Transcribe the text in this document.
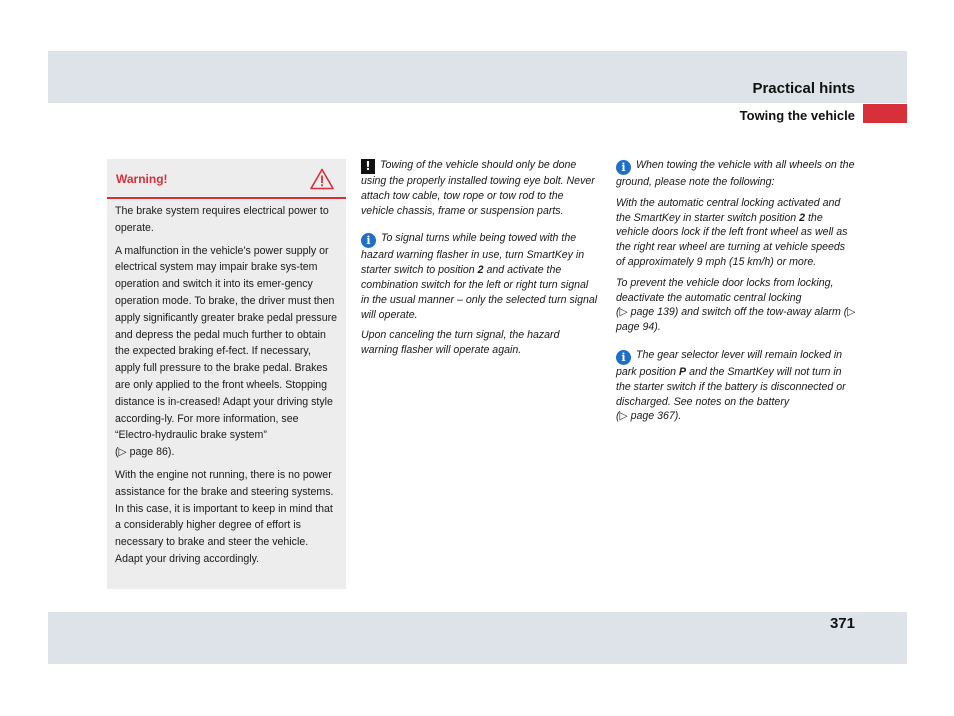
Practical hints
Towing the vehicle
Warning!

The brake system requires electrical power to operate.

A malfunction in the vehicle’s power supply or electrical system may impair brake sys-tem operation and switch it into its emer-gency operation mode. To brake, the driver must then apply significantly greater brake pedal pressure and depress the pedal much further to obtain the expected braking ef-fect. If necessary, apply full pressure to the brake pedal. Brakes are only applied to the front wheels. Stopping distance is in-creased! Adapt your driving style according-ly. For more information, see “Electro-hydraulic brake system”

(▷ page 86).

With the engine not running, there is no power assistance for the brake and steering systems. In this case, it is important to keep in mind that a considerably higher degree of effort is necessary to brake and steer the vehicle. Adapt your driving accordingly.

! Towing of the vehicle should only be done using the properly installed towing eye bolt. Never attach tow cable, tow rope or tow rod to the vehicle chassis, frame or suspension parts.

i To signal turns while being towed with the hazard warning flasher in use, turn SmartKey in starter switch to position 2 and activate the combination switch for the left or right turn signal in the usual manner – only the selected turn signal will operate.

Upon canceling the turn signal, the hazard warning flasher will operate again.

i When towing the vehicle with all wheels on the ground, please note the following:

With the automatic central locking activated and the SmartKey in starter switch position 2 the vehicle doors lock if the left front wheel as well as the right rear wheel are turning at vehicle speeds of approximately 9 mph (15 km/h) or more.

To prevent the vehicle door locks from locking, deactivate the automatic central locking
(▷ page 139) and switch off the tow-away alarm (▷ page 94).

i The gear selector lever will remain locked in park position P and the SmartKey will not turn in the starter switch if the battery is disconnected or discharged. See notes on the battery
(▷ page 367).

371
